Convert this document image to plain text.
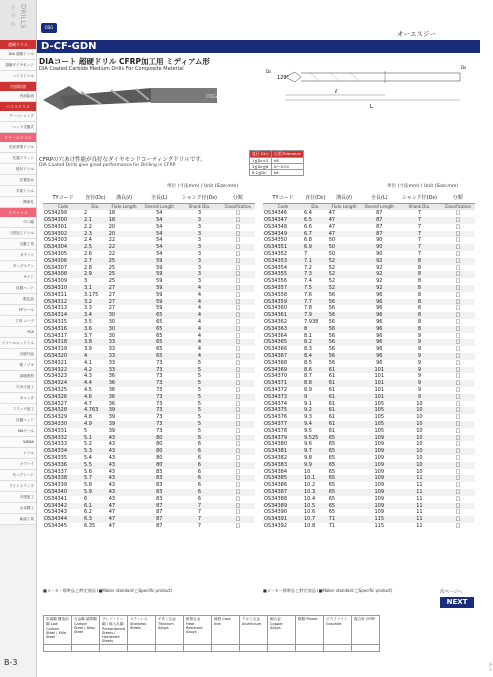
ドリル DRILLS
超硬ドリル
DIA 超硬ドリル
超硬ダイヤモンド
ハイスドリル
内部給油
内部給油
ハイスドリル
テーパシャンク
ヘッド交換式
スチールドリル
長寿命型ドリル
先端フラット
段付ドリル
位置決め
平面ドリル
開深孔
スペシャル
中ニ順
三面加工ドリル
自動工具
タテノコ
タングステン
サイド
自動ヘッド
限定品
FPツール
工具 ニーブ
YSA
イコールエンドミル
自販外品
吸ノゾキ
高硬度材
穴あけ加工
ギャンダ
フラッチ加工
自動ヘッド
MAツール
WEBA
ドリル
グアハイ
モックレード
ライトステップ
半削加工
山本精工
新潟工具
B-3
OSG
オーエスジー
D-CF-GDN
DIAコート 超硬ドリル CFRP加工用 ミディアム形
DIA Coated Carbide Medium Drills For Composite Material
OSG
120°
ℓ
L
Dc
Ds
CFRPの穴あけ性能が良好なダイヤモンドコーティングドリルです。
DIA Coated Drills give great performance for Drilling in CFRP.
直径 (Dc)	公差/Tolerance
1≦Dc<3	h8
3≦Dc≦6	0/−0.01
6.1≦Dc	h8
超硬 合金 DIA	120° シャンク
単位 (寸法mm) / Unit (Size:mm)	単位 (寸法mm) / Unit (Size:mm)
TYコード	直径(Dc)	溝長(ℓ)	全長(L)	シャンク径(Ds)	分類
Code	Dia.	Flute Length	Overall Length	Shank Dia.	Classification
OS34299	2	18	54	3	□
OS34300	2.1	18	54	3	□
OS34301	2.2	20	54	3	□
OS34302	2.3	20	54	3	□
OS34303	2.4	22	54	3	□
OS34304	2.5	22	54	3	□
OS34305	2.6	22	54	3	□
OS34306	2.7	25	59	3	□
OS34307	2.8	25	59	3	□
OS34308	2.9	25	59	3	□
OS34309	3	25	59	3	□
OS34310	3.1	27	59	4	□
OS34311	3.175	27	59	4	□
OS34312	3.2	27	59	4	□
OS34313	3.3	27	59	4	□
OS34314	3.4	30	65	4	□
OS34315	3.5	30	65	4	□
OS34316	3.6	30	65	4	□
OS34317	3.7	30	65	4	□
OS34318	3.8	33	65	4	□
OS34319	3.9	33	65	4	□
OS34320	4	33	65	4	□
OS34321	4.1	33	73	5	□
OS34322	4.2	33	73	5	□
OS34323	4.3	36	73	5	□
OS34324	4.4	36	73	5	□
OS34325	4.5	36	73	5	□
OS34326	4.6	36	73	5	□
OS34327	4.7	36	73	5	□
OS34328	4.763	39	73	5	□
OS34329	4.8	39	73	5	□
OS34330	4.9	39	73	5	□
OS34331	5	39	73	5	□
OS34332	5.1	43	80	6	□
OS34333	5.2	43	80	6	□
OS34334	5.3	43	80	6	□
OS34335	5.4	43	80	6	□
OS34336	5.5	43	80	6	□
OS34337	5.6	43	83	6	□
OS34338	5.7	43	83	6	□
OS34339	5.8	43	83	6	□
OS34340	5.9	43	83	6	□
OS34341	6	43	83	6	□
OS34342	6.1	47	87	7	□
OS34343	6.2	47	87	7	□
OS34344	6.3	47	87	7	□
OS34345	6.35	47	87	7	□
TYコード	直径(Dc)	溝長(ℓ)	全長(L)	シャンク径(Ds)	分類
Code	Dia.	Flute Length	Overall Length	Shank Dia.	Classification
OS34346	6.4	47	87	7	□
OS34347	6.5	47	87	7	□
OS34348	6.6	47	87	7	□
OS34349	6.7	47	87	7	□
OS34350	6.8	50	90	7	□
OS34351	6.9	50	90	7	□
OS34352	7	50	90	7	□
OS34353	7.1	52	92	8	□
OS34354	7.2	52	92	8	□
OS34355	7.3	52	92	8	□
OS34356	7.4	52	92	8	□
OS34357	7.5	52	92	8	□
OS34358	7.6	56	96	8	□
OS34359	7.7	56	96	8	□
OS34360	7.8	56	96	8	□
OS34361	7.9	56	96	8	□
OS34362	7.938	56	96	8	□
OS34363	8	56	96	8	□
OS34364	8.1	56	96	9	□
OS34365	8.2	56	96	9	□
OS34366	8.3	56	96	9	□
OS34367	8.4	56	96	9	□
OS34368	8.5	56	96	9	□
OS34369	8.6	61	101	9	□
OS34370	8.7	61	101	9	□
OS34371	8.8	61	101	9	□
OS34372	8.9	61	101	9	□
OS34373	9	61	101	9	□
OS34374	9.1	61	105	10	□
OS34375	9.2	61	105	10	□
OS34376	9.3	61	105	10	□
OS34377	9.4	61	105	10	□
OS34378	9.5	61	105	10	□
OS34379	9.525	65	109	10	□
OS34380	9.6	65	109	10	□
OS34381	9.7	65	109	10	□
OS34382	9.8	65	109	10	□
OS34383	9.9	65	109	10	□
OS34384	10	65	109	10	□
OS34385	10.1	65	109	11	□
OS34386	10.2	65	109	11	□
OS34387	10.3	65	109	11	□
OS34388	10.4	65	109	11	□
OS34389	10.5	65	109	11	□
OS34390	10.6	65	109	11	□
OS34391	10.7	71	115	11	□
OS34392	10.8	71	115	11	□
■メーカー標準品 □特定商品 (■Maker standard □Specific product)	■メーカー標準品 □特定商品 (■Maker standard □Specific product)	次ページへ
NEXT
炭素鋼 構造用鋼 Low Carbon Steel / Mild Steel	合金鋼 調質鋼 Carbon Steel / Alloy Steel	プレハードン鋼 / 焼入れ鋼 Prehardened Steels / Hardened Steels	ステンレス Stainless Steels	チタン合金 Titanium Alloys	耐熱合金 Heat Resistant Alloys	鋳鉄 Cast Iron	アルミ合金 Aluminium	銅合金 Copper Alloys	樹脂 Plastic	グラファイト Graphite	複合材 CFRP

B-3
